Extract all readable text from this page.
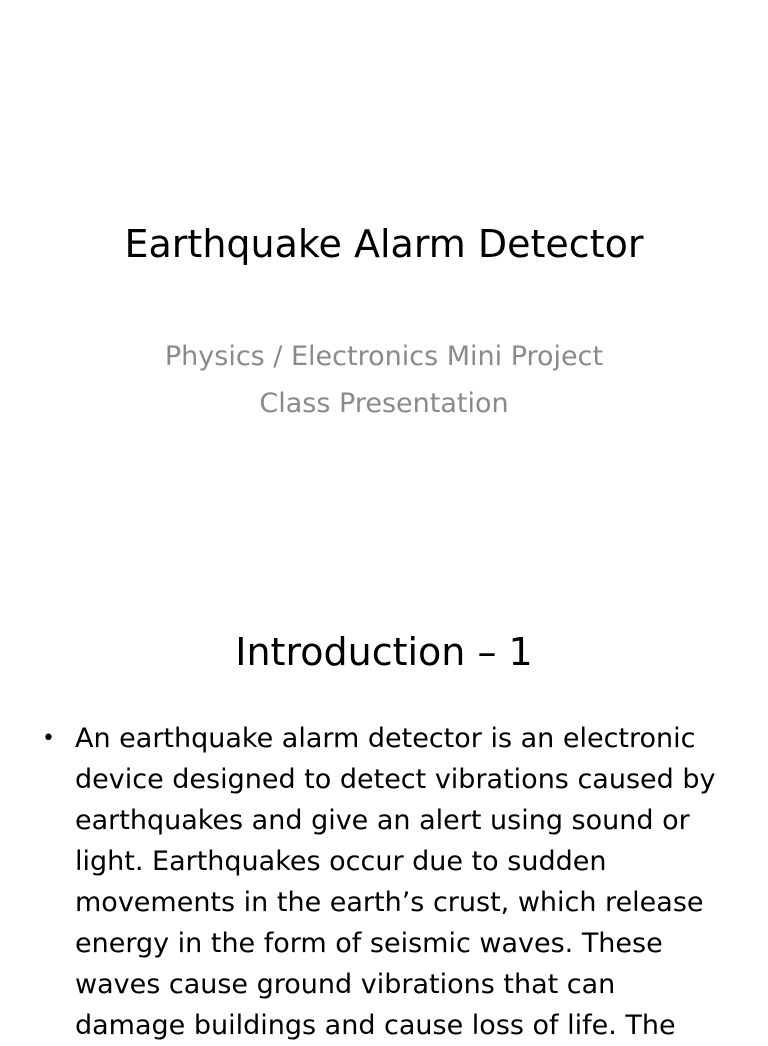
Earthquake Alarm Detector
Physics / Electronics Mini Project
Class Presentation
Introduction – 1
• An earthquake alarm detector is an electronic device designed to detect vibrations caused by earthquakes and give an alert using sound or light. Earthquakes occur due to sudden movements in the earth’s crust, which release energy in the form of seismic waves. These waves cause ground vibrations that can damage buildings and cause loss of life. The
